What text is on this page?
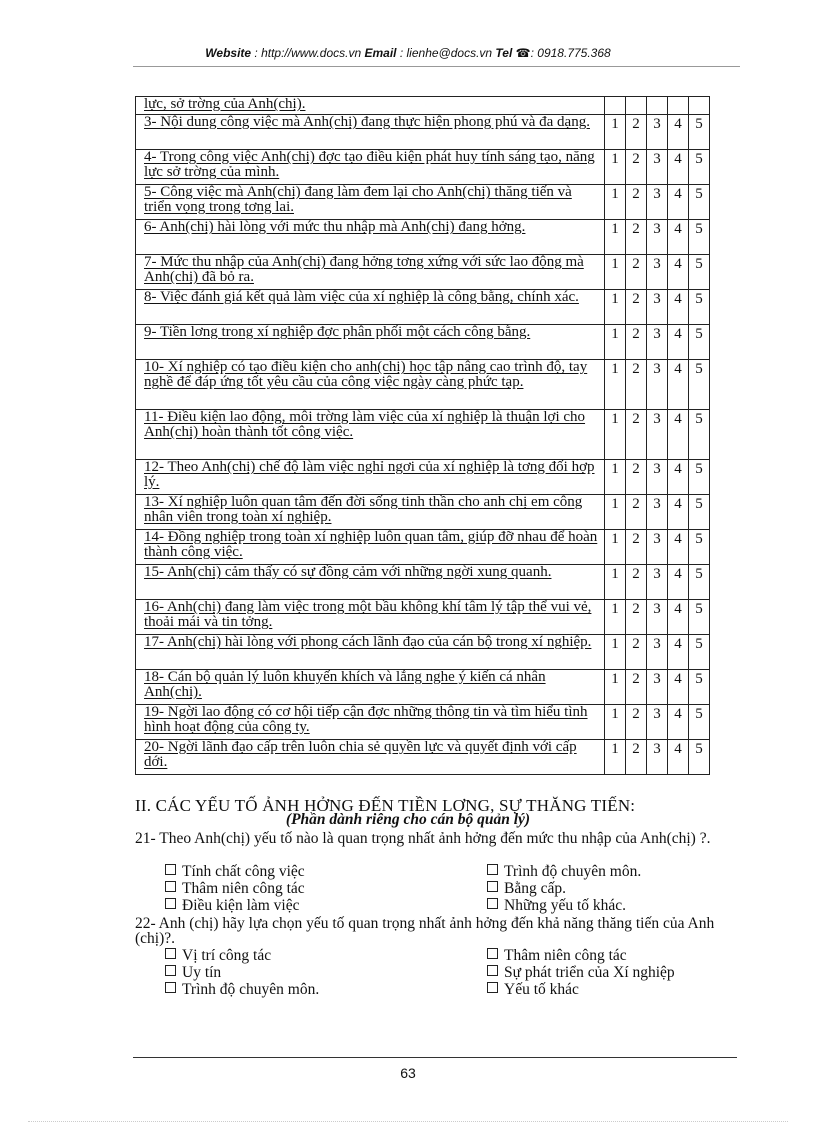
Website : http://www.docs.vn Email : lienhe@docs.vn Tel ☎: 0918.775.368
lực, sở trờng của Anh(chị).					
3- Nội dung công việc mà Anh(chị) đang thực hiện phong phú và đa dạng.	1	2	3	4	5
4- Trong công việc Anh(chị) đợc tạo điều kiện phát huy tính sáng tạo, năng lực sở trờng của mình.	1	2	3	4	5
5- Công việc mà Anh(chị) đang làm đem lại cho Anh(chị) thăng tiến và triển vọng trong tơng lai.	1	2	3	4	5
6- Anh(chị) hài lòng với mức thu nhập mà Anh(chị) đang hởng.	1	2	3	4	5
7- Mức thu nhập của Anh(chị) đang hởng tơng xứng với sức lao động mà Anh(chị) đã bỏ ra.	1	2	3	4	5
8- Việc đánh giá kết quả làm việc của xí nghiệp là công bằng, chính xác.	1	2	3	4	5
9- Tiền lơng trong xí nghiệp đợc phân phối một cách công bằng.	1	2	3	4	5
10- Xí nghiệp có tạo điều kiện cho anh(chị) học tập nâng cao trình độ, tay nghề để đáp ứng tốt yêu cầu của công việc ngày càng phức tạp.	1	2	3	4	5
11- Điều kiện lao động, môi trờng làm việc của xí nghiệp là thuận lợi cho Anh(chị) hoàn thành tốt công việc.	1	2	3	4	5
12- Theo Anh(chị) chế độ làm việc nghỉ ngơi của xí nghiệp là tơng đối hợp lý.	1	2	3	4	5
13- Xí nghiệp luôn quan tâm đến đời sống tinh thần cho anh chị em công nhân viên trong toàn xí nghiệp.	1	2	3	4	5
14- Đồng nghiệp trong toàn xí nghiệp luôn quan tâm, giúp đỡ nhau để hoàn thành công việc.	1	2	3	4	5
15- Anh(chị) cảm thấy có sự đồng cảm với những ngời xung quanh.	1	2	3	4	5
16- Anh(chị) đang làm việc trong một bầu không khí tâm lý tập thể vui vẻ, thoải mái và tin tởng.	1	2	3	4	5
17- Anh(chị) hài lòng với phong cách lãnh đạo của cán bộ trong xí nghiệp.	1	2	3	4	5
18- Cán bộ quản lý luôn khuyến khích và lắng nghe ý kiến cá nhân Anh(chị).	1	2	3	4	5
19- Ngời lao động có cơ hội tiếp cận đợc những thông tin và tìm hiểu tình hình hoạt động của công ty.	1	2	3	4	5
20- Ngời lãnh đạo cấp trên luôn chia sẻ quyền lực và quyết định với cấp dới.	1	2	3	4	5
II. CÁC YẾU TỐ ẢNH HỞNG ĐẾN TIỀN LƠNG, SỰ THĂNG TIẾN:
(Phần dành riêng cho cán bộ quản lý)
21- Theo Anh(chị) yếu tố nào là quan trọng nhất ảnh hởng đến mức thu nhập của Anh(chị) ?.
Tính chất công việc
Thâm niên công tác
Điều kiện làm việc
Trình độ chuyên môn.
Bằng cấp.
Những yếu tố khác.
22- Anh (chị) hãy lựa chọn yếu tố quan trọng nhất ảnh hởng đến khả năng thăng tiến của Anh (chị)?.
Vị trí công tác
Uy tín
Trình độ chuyên môn.
Thâm niên công tác
Sự phát triển của Xí nghiệp
Yếu tố khác
63
